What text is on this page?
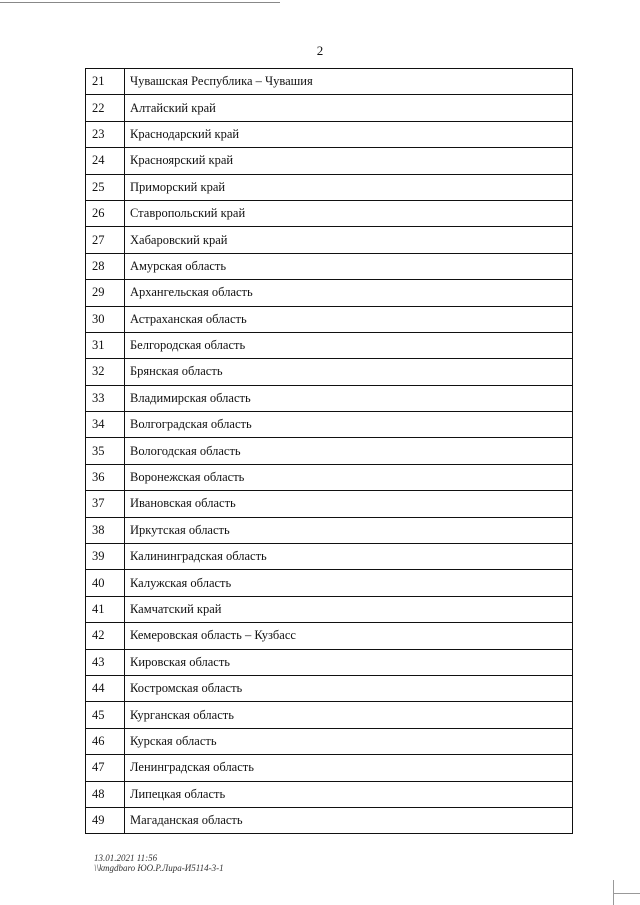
2
21	Чувашская Республика – Чувашия
22	Алтайский край
23	Краснодарский край
24	Красноярский край
25	Приморский край
26	Ставропольский край
27	Хабаровский край
28	Амурская область
29	Архангельская область
30	Астраханская область
31	Белгородская область
32	Брянская область
33	Владимирская область
34	Волгоградская область
35	Вологодская область
36	Воронежская область
37	Ивановская область
38	Иркутская область
39	Калининградская область
40	Калужская область
41	Камчатский край
42	Кемеровская область – Кузбасс
43	Кировская область
44	Костромская область
45	Курганская область
46	Курская область
47	Ленинградская область
48	Липецкая область
49	Магаданская область
13.01.2021 11:56
\\kmgdbaro ЮО.Р.Лира-И5114-3-1
